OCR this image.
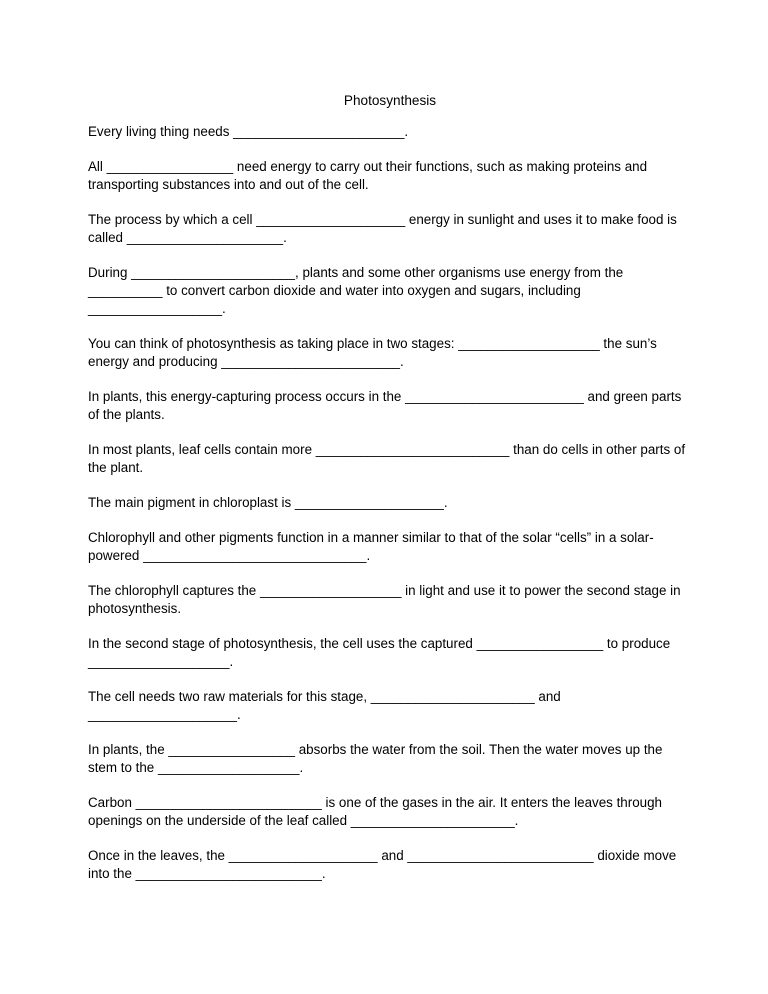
Photosynthesis
Every living thing needs _______________________.
All _________________ need energy to carry out their functions, such as making proteins and transporting substances into and out of the cell.
The process by which a cell ____________________ energy in sunlight and uses it to make food is called _____________________.
During ______________________, plants and some other organisms use energy from the __________ to convert carbon dioxide and water into oxygen and sugars, including __________________.
You can think of photosynthesis as taking place in two stages: ___________________ the sun’s energy and producing ________________________.
In plants, this energy-capturing process occurs in the ________________________ and green parts of the plants.
In most plants, leaf cells contain more __________________________ than do cells in other parts of the plant.
The main pigment in chloroplast is ____________________.
Chlorophyll and other pigments function in a manner similar to that of the solar “cells” in a solar-powered ______________________________.
The chlorophyll captures the ___________________ in light and use it to power the second stage in photosynthesis.
In the second stage of photosynthesis, the cell uses the captured _________________ to produce ___________________.
The cell needs two raw materials for this stage, ______________________ and ____________________.
In plants, the _________________ absorbs the water from the soil. Then the water moves up the stem to the ___________________.
Carbon _________________________ is one of the gases in the air. It enters the leaves through openings on the underside of the leaf called ______________________.
Once in the leaves, the ____________________ and _________________________ dioxide move into the _________________________.
